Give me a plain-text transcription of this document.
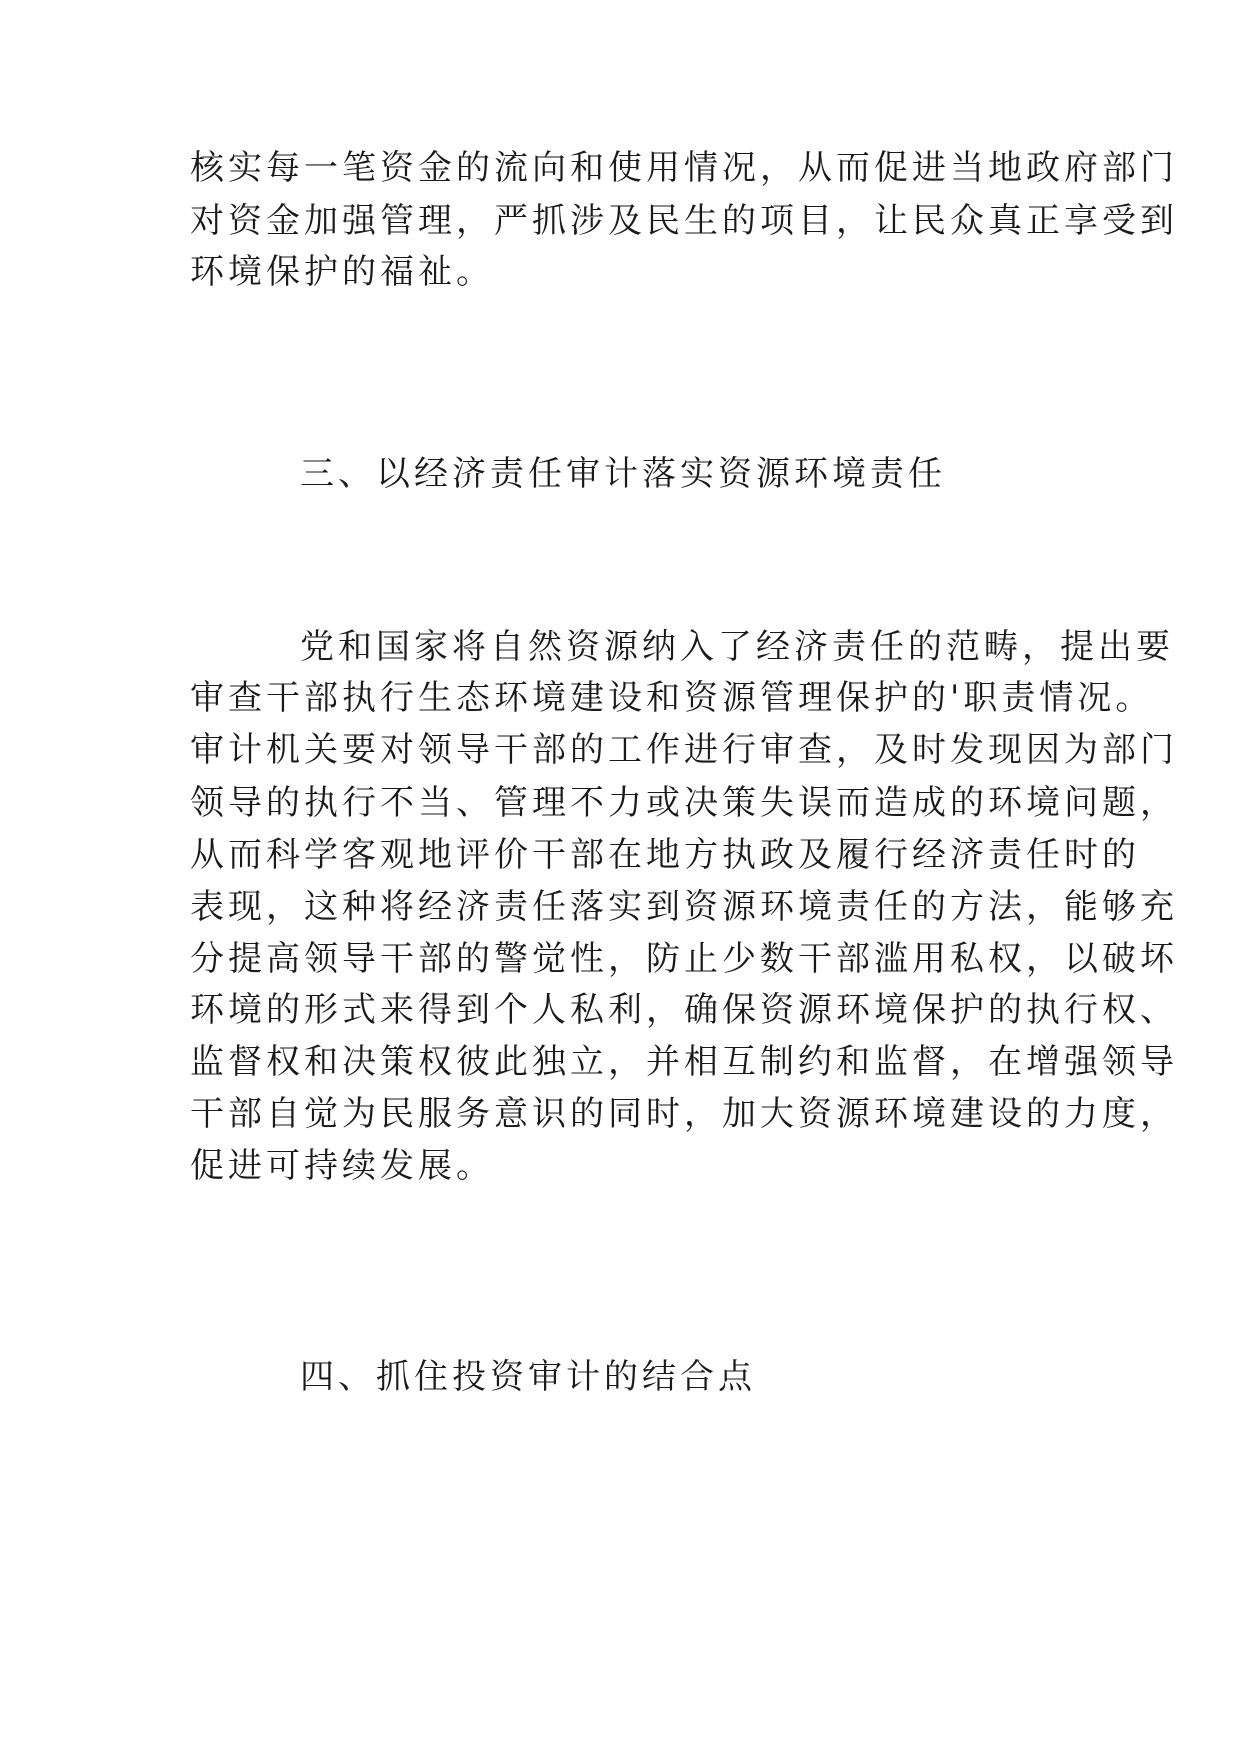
核实每一笔资金的流向和使用情况，从而促进当地政府部门
对资金加强管理，严抓涉及民生的项目，让民众真正享受到
环境保护的福祉。
三、以经济责任审计落实资源环境责任
党和国家将自然资源纳入了经济责任的范畴，提出要
审查干部执行生态环境建设和资源管理保护的'职责情况。
审计机关要对领导干部的工作进行审查，及时发现因为部门
领导的执行不当、管理不力或决策失误而造成的环境问题，
从而科学客观地评价干部在地方执政及履行经济责任时的
表现，这种将经济责任落实到资源环境责任的方法，能够充
分提高领导干部的警觉性，防止少数干部滥用私权，以破坏
环境的形式来得到个人私利，确保资源环境保护的执行权、
监督权和决策权彼此独立，并相互制约和监督，在增强领导
干部自觉为民服务意识的同时，加大资源环境建设的力度，
促进可持续发展。
四、抓住投资审计的结合点
